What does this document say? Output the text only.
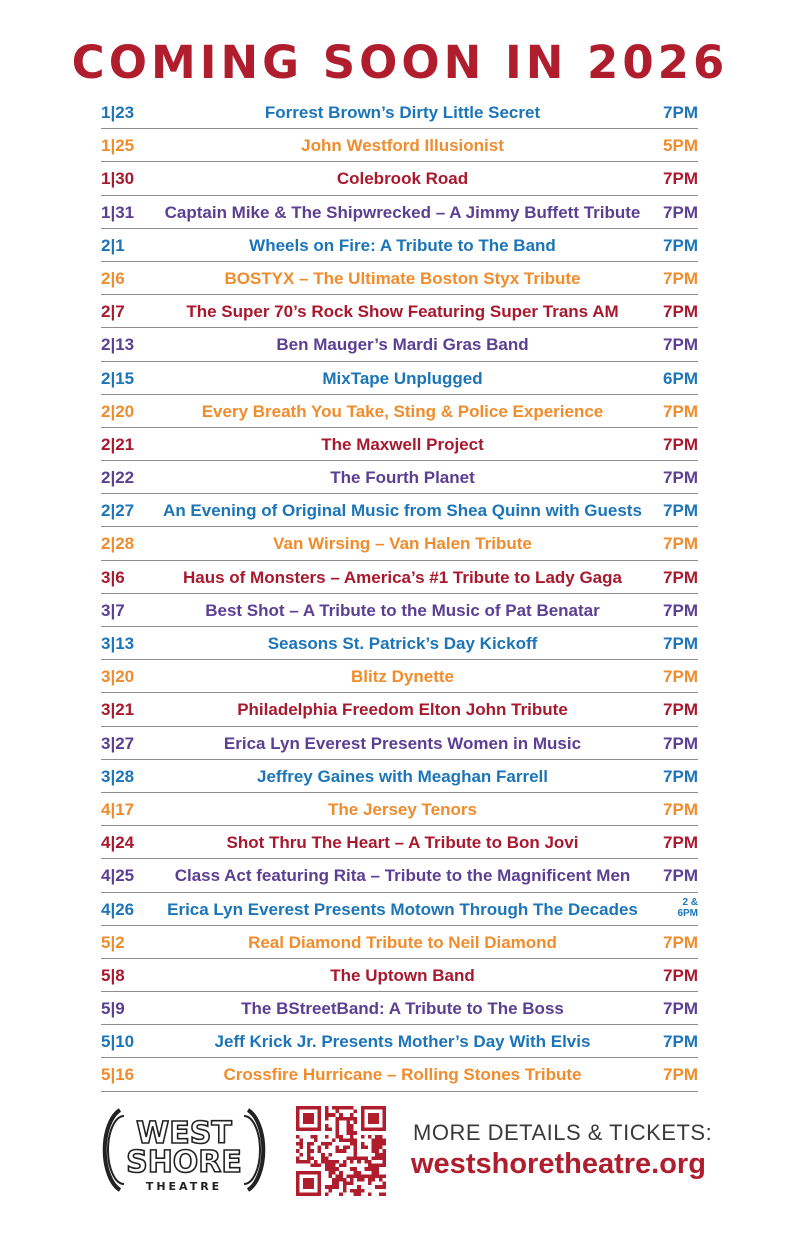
COMING SOON IN 2026
1|23	Forrest Brown’s Dirty Little Secret	7PM
1|25	John Westford Illusionist	5PM
1|30	Colebrook Road	7PM
1|31	Captain Mike & The Shipwrecked – A Jimmy Buffett Tribute	7PM
2|1	Wheels on Fire: A Tribute to The Band	7PM
2|6	BOSTYX – The Ultimate Boston Styx Tribute	7PM
2|7	The Super 70’s Rock Show Featuring Super Trans AM	7PM
2|13	Ben Mauger’s Mardi Gras Band	7PM
2|15	MixTape Unplugged	6PM
2|20	Every Breath You Take, Sting & Police Experience	7PM
2|21	The Maxwell Project	7PM
2|22	The Fourth Planet	7PM
2|27	An Evening of Original Music from Shea Quinn with Guests	7PM
2|28	Van Wirsing – Van Halen Tribute	7PM
3|6	Haus of Monsters – America’s #1 Tribute to Lady Gaga	7PM
3|7	Best Shot – A Tribute to the Music of Pat Benatar	7PM
3|13	Seasons St. Patrick’s Day Kickoff	7PM
3|20	Blitz Dynette	7PM
3|21	Philadelphia Freedom Elton John Tribute	7PM
3|27	Erica Lyn Everest Presents Women in Music	7PM
3|28	Jeffrey Gaines with Meaghan Farrell	7PM
4|17	The Jersey Tenors	7PM
4|24	Shot Thru The Heart – A Tribute to Bon Jovi	7PM
4|25	Class Act featuring Rita – Tribute to the Magnificent Men	7PM
4|26	Erica Lyn Everest Presents Motown Through The Decades	2 &
6PM
5|2	Real Diamond Tribute to Neil Diamond	7PM
5|8	The Uptown Band	7PM
5|9	The BStreetBand: A Tribute to The Boss	7PM
5|10	Jeff Krick Jr. Presents Mother’s Day With Elvis	7PM
5|16	Crossfire Hurricane – Rolling Stones Tribute	7PM
WEST
SHORE
THEATRE
MORE DETAILS & TICKETS:
westshoretheatre.org
